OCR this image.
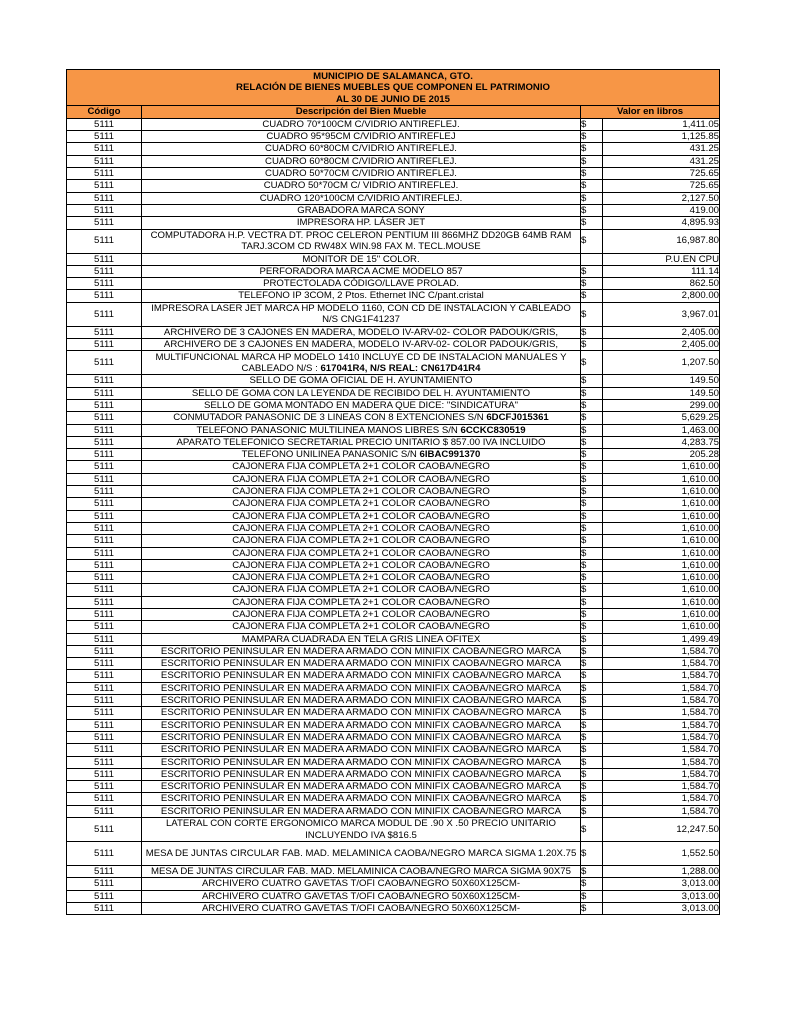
MUNICIPIO DE SALAMANCA, GTO.
RELACIÓN DE BIENES MUEBLES QUE COMPONEN EL PATRIMONIO
AL 30 DE JUNIO DE 2015			

Código	Descripción del Bien Mueble	Valor en libros	
5111	CUADRO 70*100CM C/VIDRIO ANTIREFLEJ.	$	1,411.05
5111	CUADRO 95*95CM C/VIDRIO ANTIREFLEJ	$	1,125.85
5111	CUADRO 60*80CM C/VIDRIO ANTIREFLEJ.	$	431.25
5111	CUADRO 60*80CM C/VIDRIO ANTIREFLEJ.	$	431.25
5111	CUADRO 50*70CM C/VIDRIO ANTIREFLEJ.	$	725.65
5111	CUADRO 50*70CM C/ VIDRIO ANTIREFLEJ.	$	725.65
5111	CUADRO 120*100CM C/VIDRIO ANTIREFLEJ.	$	2,127.50
5111	GRABADORA MARCA SONY	$	419.00
5111	IMPRESORA HP. LÁSER JET	$	4,895.93
5111	COMPUTADORA H.P. VECTRA DT. PROC CELERON PENTIUM III 866MHZ DD20GB 64MB RAM TARJ.3COM CD RW48X WIN.98 FAX M. TECL.MOUSE	$	16,987.80
5111	MONITOR DE 15" COLOR.		P.U.EN CPU
5111	PERFORADORA MARCA ACME MODELO 857	$	111.14
5111	PROTECTOLADA CÓDIGO/LLAVE PROLAD.	$	862.50
5111	TELEFONO IP 3COM, 2 Ptos. Ethernet INC C/pant.cristal	$	2,800.00
5111	IMPRESORA LASER JET MARCA HP MODELO 1160, CON CD DE INSTALACION Y CABLEADO N/S CNG1F41237	$	3,967.01
5111	ARCHIVERO DE 3 CAJONES EN MADERA, MODELO IV-ARV-02- COLOR PADOUK/GRIS,	$	2,405.00
5111	ARCHIVERO DE 3 CAJONES EN MADERA, MODELO IV-ARV-02- COLOR PADOUK/GRIS,	$	2,405.00
5111	MULTIFUNCIONAL MARCA HP MODELO 1410 INCLUYE CD DE INSTALACION MANUALES Y CABLEADO N/S : 617041R4, N/S REAL: CN617D41R4	$	1,207.50
5111	SELLO DE GOMA OFICIAL DE H. AYUNTAMIENTO	$	149.50
5111	SELLO DE GOMA CON LA LEYENDA DE RECIBIDO DEL H. AYUNTAMIENTO	$	149.50
5111	SELLO DE GOMA MONTADO EN MADERA QUE DICE: "SINDICATURA"	$	299.00
5111	CONMUTADOR PANASONIC DE 3 LINEAS CON 8 EXTENCIONES S/N 6DCFJ015361	$	5,629.25
5111	TELEFONO PANASONIC MULTILINEA MANOS LIBRES S/N 6CCKC830519	$	1,463.00
5111	APARATO TELEFONICO SECRETARIAL PRECIO UNITARIO $ 857.00 IVA INCLUIDO	$	4,283.75
5111	TELEFONO UNILINEA PANASONIC S/N 6IBAC991370	$	205.28
5111	CAJONERA FIJA COMPLETA 2+1 COLOR CAOBA/NEGRO	$	1,610.00
5111	CAJONERA FIJA COMPLETA 2+1 COLOR CAOBA/NEGRO	$	1,610.00
5111	CAJONERA FIJA COMPLETA 2+1 COLOR CAOBA/NEGRO	$	1,610.00
5111	CAJONERA FIJA COMPLETA 2+1 COLOR CAOBA/NEGRO	$	1,610.00
5111	CAJONERA FIJA COMPLETA 2+1 COLOR CAOBA/NEGRO	$	1,610.00
5111	CAJONERA FIJA COMPLETA 2+1 COLOR CAOBA/NEGRO	$	1,610.00
5111	CAJONERA FIJA COMPLETA 2+1 COLOR CAOBA/NEGRO	$	1,610.00
5111	CAJONERA FIJA COMPLETA 2+1 COLOR CAOBA/NEGRO	$	1,610.00
5111	CAJONERA FIJA COMPLETA 2+1 COLOR CAOBA/NEGRO	$	1,610.00
5111	CAJONERA FIJA COMPLETA 2+1 COLOR CAOBA/NEGRO	$	1,610.00
5111	CAJONERA FIJA COMPLETA 2+1 COLOR CAOBA/NEGRO	$	1,610.00
5111	CAJONERA FIJA COMPLETA 2+1 COLOR CAOBA/NEGRO	$	1,610.00
5111	CAJONERA FIJA COMPLETA 2+1 COLOR CAOBA/NEGRO	$	1,610.00
5111	CAJONERA FIJA COMPLETA 2+1 COLOR CAOBA/NEGRO	$	1,610.00
5111	MAMPARA CUADRADA EN TELA GRIS LINEA OFITEX	$	1,499.49
5111	ESCRITORIO PENINSULAR EN MADERA ARMADO CON MINIFIX CAOBA/NEGRO MARCA	$	1,584.70
5111	ESCRITORIO PENINSULAR EN MADERA ARMADO CON MINIFIX CAOBA/NEGRO MARCA	$	1,584.70
5111	ESCRITORIO PENINSULAR EN MADERA ARMADO CON MINIFIX CAOBA/NEGRO MARCA	$	1,584.70
5111	ESCRITORIO PENINSULAR EN MADERA ARMADO CON MINIFIX CAOBA/NEGRO MARCA	$	1,584.70
5111	ESCRITORIO PENINSULAR EN MADERA ARMADO CON MINIFIX CAOBA/NEGRO MARCA	$	1,584.70
5111	ESCRITORIO PENINSULAR EN MADERA ARMADO CON MINIFIX CAOBA/NEGRO MARCA	$	1,584.70
5111	ESCRITORIO PENINSULAR EN MADERA ARMADO CON MINIFIX CAOBA/NEGRO MARCA	$	1,584.70
5111	ESCRITORIO PENINSULAR EN MADERA ARMADO CON MINIFIX CAOBA/NEGRO MARCA	$	1,584.70
5111	ESCRITORIO PENINSULAR EN MADERA ARMADO CON MINIFIX CAOBA/NEGRO MARCA	$	1,584.70
5111	ESCRITORIO PENINSULAR EN MADERA ARMADO CON MINIFIX CAOBA/NEGRO MARCA	$	1,584.70
5111	ESCRITORIO PENINSULAR EN MADERA ARMADO CON MINIFIX CAOBA/NEGRO MARCA	$	1,584.70
5111	ESCRITORIO PENINSULAR EN MADERA ARMADO CON MINIFIX CAOBA/NEGRO MARCA	$	1,584.70
5111	ESCRITORIO PENINSULAR EN MADERA ARMADO CON MINIFIX CAOBA/NEGRO MARCA	$	1,584.70
5111	ESCRITORIO PENINSULAR EN MADERA ARMADO CON MINIFIX CAOBA/NEGRO MARCA	$	1,584.70
5111	LATERAL CON CORTE ERGONOMICO MARCA MODUL DE .90 X .50 PRECIO UNITARIO INCLUYENDO IVA $816.5	$	12,247.50
5111	MESA DE JUNTAS CIRCULAR FAB. MAD. MELAMINICA CAOBA/NEGRO MARCA SIGMA 1.20X.75	$	1,552.50
5111	MESA DE JUNTAS CIRCULAR FAB. MAD. MELAMINICA CAOBA/NEGRO MARCA SIGMA 90X75	$	1,288.00
5111	ARCHIVERO CUATRO GAVETAS T/OFI CAOBA/NEGRO 50X60X125CM-	$	3,013.00
5111	ARCHIVERO CUATRO GAVETAS T/OFI CAOBA/NEGRO 50X60X125CM-	$	3,013.00
5111	ARCHIVERO CUATRO GAVETAS T/OFI CAOBA/NEGRO 50X60X125CM-	$	3,013.00
